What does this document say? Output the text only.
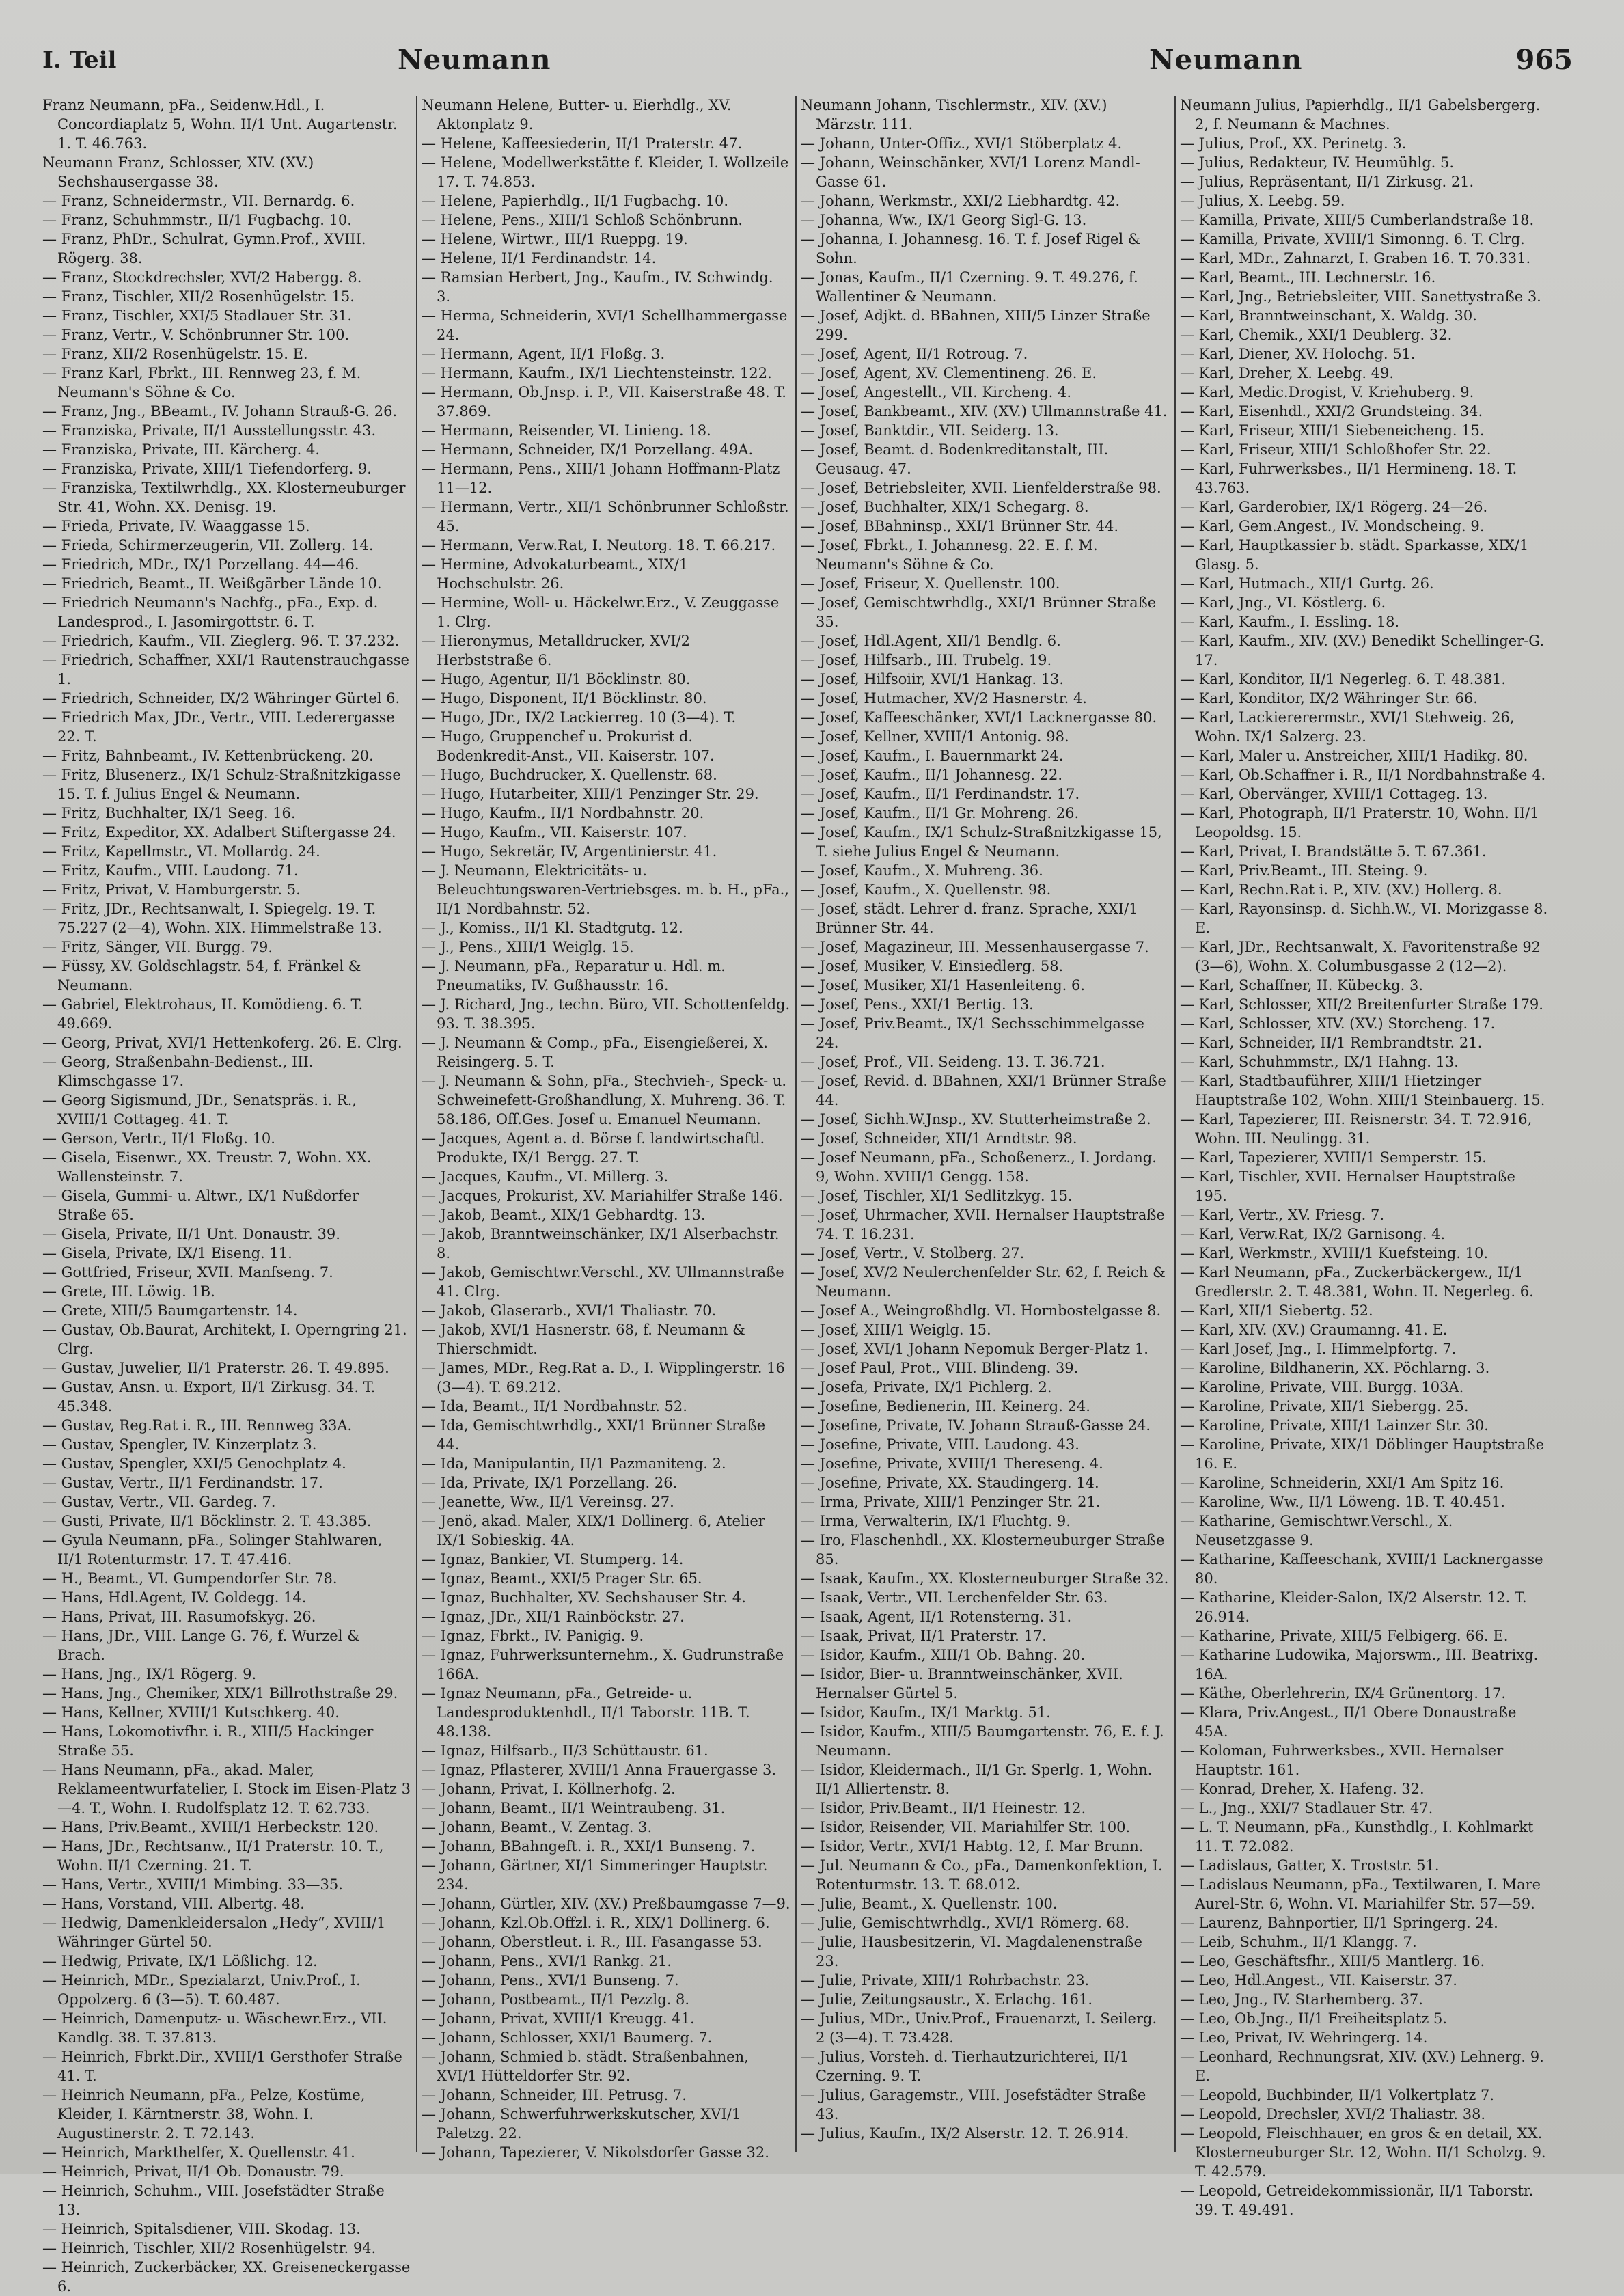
I. Teil	Neumann	Neumann	965

Franz Neumann, pFa., Seidenw.Hdl., I. Concordiaplatz 5, Wohn. II/1 Unt. Augartenstr. 1. T. 46.763.

Neumann Franz, Schlosser, XIV. (XV.) Sechshausergasse 38.

— Franz, Schneidermstr., VII. Bernardg. 6.

— Franz, Schuhmmstr., II/1 Fugbachg. 10.

— Franz, PhDr., Schulrat, Gymn.Prof., XVIII. Rögerg. 38.

— Franz, Stockdrechsler, XVI/2 Habergg. 8.

— Franz, Tischler, XII/2 Rosenhügelstr. 15.

— Franz, Tischler, XXI/5 Stadlauer Str. 31.

— Franz, Vertr., V. Schönbrunner Str. 100.

— Franz, XII/2 Rosenhügelstr. 15. E.

— Franz Karl, Fbrkt., III. Rennweg 23, f. M. Neumann's Söhne & Co.

— Franz, Jng., BBeamt., IV. Johann Strauß-G. 26.

— Franziska, Private, II/1 Ausstellungsstr. 43.

— Franziska, Private, III. Kärcherg. 4.

— Franziska, Private, XIII/1 Tiefendorferg. 9.

— Franziska, Textilwrhdlg., XX. Klosterneuburger Str. 41, Wohn. XX. Denisg. 19.

— Frieda, Private, IV. Waaggasse 15.

— Frieda, Schirmerzeugerin, VII. Zollerg. 14.

— Friedrich, MDr., IX/1 Porzellang. 44—46.

— Friedrich, Beamt., II. Weißgärber Lände 10.

— Friedrich Neumann's Nachfg., pFa., Exp. d. Landesprod., I. Jasomirgottstr. 6. T.

— Friedrich, Kaufm., VII. Zieglerg. 96. T. 37.232.

— Friedrich, Schaffner, XXI/1 Rautenstrauchgasse 1.

— Friedrich, Schneider, IX/2 Währinger Gürtel 6.

— Friedrich Max, JDr., Vertr., VIII. Lederergasse 22. T.

— Fritz, Bahnbeamt., IV. Kettenbrückeng. 20.

— Fritz, Blusenerz., IX/1 Schulz-Straßnitzkigasse 15. T. f. Julius Engel & Neumann.

— Fritz, Buchhalter, IX/1 Seeg. 16.

— Fritz, Expeditor, XX. Adalbert Stiftergasse 24.

— Fritz, Kapellmstr., VI. Mollardg. 24.

— Fritz, Kaufm., VIII. Laudong. 71.

— Fritz, Privat, V. Hamburgerstr. 5.

— Fritz, JDr., Rechtsanwalt, I. Spiegelg. 19. T. 75.227 (2—4), Wohn. XIX. Himmelstraße 13.

— Fritz, Sänger, VII. Burgg. 79.

— Füssy, XV. Goldschlagstr. 54, f. Fränkel & Neumann.

— Gabriel, Elektrohaus, II. Komödieng. 6. T. 49.669.

— Georg, Privat, XVI/1 Hettenkoferg. 26. E. Clrg.

— Georg, Straßenbahn-Bedienst., III. Klimschgasse 17.

— Georg Sigismund, JDr., Senatspräs. i. R., XVIII/1 Cottageg. 41. T.

— Gerson, Vertr., II/1 Floßg. 10.

— Gisela, Eisenwr., XX. Treustr. 7, Wohn. XX. Wallensteinstr. 7.

— Gisela, Gummi- u. Altwr., IX/1 Nußdorfer Straße 65.

— Gisela, Private, II/1 Unt. Donaustr. 39.

— Gisela, Private, IX/1 Eiseng. 11.

— Gottfried, Friseur, XVII. Manfseng. 7.

— Grete, III. Löwig. 1B.

— Grete, XIII/5 Baumgartenstr. 14.

— Gustav, Ob.Baurat, Architekt, I. Operngring 21. Clrg.

— Gustav, Juwelier, II/1 Praterstr. 26. T. 49.895.

— Gustav, Ansn. u. Export, II/1 Zirkusg. 34. T. 45.348.

— Gustav, Reg.Rat i. R., III. Rennweg 33A.

— Gustav, Spengler, IV. Kinzerplatz 3.

— Gustav, Spengler, XXI/5 Genochplatz 4.

— Gustav, Vertr., II/1 Ferdinandstr. 17.

— Gustav, Vertr., VII. Gardeg. 7.

— Gusti, Private, II/1 Böcklinstr. 2. T. 43.385.

— Gyula Neumann, pFa., Solinger Stahlwaren, II/1 Rotenturmstr. 17. T. 47.416.

— H., Beamt., VI. Gumpendorfer Str. 78.

— Hans, Hdl.Agent, IV. Goldegg. 14.

— Hans, Privat, III. Rasumofskyg. 26.

— Hans, JDr., VIII. Lange G. 76, f. Wurzel & Brach.

— Hans, Jng., IX/1 Rögerg. 9.

— Hans, Jng., Chemiker, XIX/1 Billrothstraße 29.

— Hans, Kellner, XVIII/1 Kutschkerg. 40.

— Hans, Lokomotivfhr. i. R., XIII/5 Hackinger Straße 55.

— Hans Neumann, pFa., akad. Maler, Reklameentwurfatelier, I. Stock im Eisen-Platz 3—4. T., Wohn. I. Rudolfsplatz 12. T. 62.733.

— Hans, Priv.Beamt., XVIII/1 Herbeckstr. 120.

— Hans, JDr., Rechtsanw., II/1 Praterstr. 10. T., Wohn. II/1 Czerning. 21. T.

— Hans, Vertr., XVIII/1 Mimbing. 33—35.

— Hans, Vorstand, VIII. Albertg. 48.

— Hedwig, Damenkleidersalon „Hedy“, XVIII/1 Währinger Gürtel 50.

— Hedwig, Private, IX/1 Lößlichg. 12.

— Heinrich, MDr., Spezialarzt, Univ.Prof., I. Oppolzerg. 6 (3—5). T. 60.487.

— Heinrich, Damenputz- u. Wäschewr.Erz., VII. Kandlg. 38. T. 37.813.

— Heinrich, Fbrkt.Dir., XVIII/1 Gersthofer Straße 41. T.

— Heinrich Neumann, pFa., Pelze, Kostüme, Kleider, I. Kärntnerstr. 38, Wohn. I. Augustinerstr. 2. T. 72.143.

— Heinrich, Markthelfer, X. Quellenstr. 41.

— Heinrich, Privat, II/1 Ob. Donaustr. 79.

— Heinrich, Schuhm., VIII. Josefstädter Straße 13.

— Heinrich, Spitalsdiener, VIII. Skodag. 13.

— Heinrich, Tischler, XII/2 Rosenhügelstr. 94.

— Heinrich, Zuckerbäcker, XX. Greiseneckergasse 6.

Neumann Helene, Butter- u. Eierhdlg., XV. Aktonplatz 9.

— Helene, Kaffeesiederin, II/1 Praterstr. 47.

— Helene, Modellwerkstätte f. Kleider, I. Wollzeile 17. T. 74.853.

— Helene, Papierhdlg., II/1 Fugbachg. 10.

— Helene, Pens., XIII/1 Schloß Schönbrunn.

— Helene, Wirtwr., III/1 Rueppg. 19.

— Helene, II/1 Ferdinandstr. 14.

— Ramsian Herbert, Jng., Kaufm., IV. Schwindg. 3.

— Herma, Schneiderin, XVI/1 Schellhammergasse 24.

— Hermann, Agent, II/1 Floßg. 3.

— Hermann, Kaufm., IX/1 Liechtensteinstr. 122.

— Hermann, Ob.Jnsp. i. P., VII. Kaiserstraße 48. T. 37.869.

— Hermann, Reisender, VI. Linieng. 18.

— Hermann, Schneider, IX/1 Porzellang. 49A.

— Hermann, Pens., XIII/1 Johann Hoffmann-Platz 11—12.

— Hermann, Vertr., XII/1 Schönbrunner Schloßstr. 45.

— Hermann, Verw.Rat, I. Neutorg. 18. T. 66.217.

— Hermine, Advokaturbeamt., XIX/1 Hochschulstr. 26.

— Hermine, Woll- u. Häckelwr.Erz., V. Zeuggasse 1. Clrg.

— Hieronymus, Metalldrucker, XVI/2 Herbststraße 6.

— Hugo, Agentur, II/1 Böcklinstr. 80.

— Hugo, Disponent, II/1 Böcklinstr. 80.

— Hugo, JDr., IX/2 Lackierreg. 10 (3—4). T.

— Hugo, Gruppenchef u. Prokurist d. Bodenkredit-Anst., VII. Kaiserstr. 107.

— Hugo, Buchdrucker, X. Quellenstr. 68.

— Hugo, Hutarbeiter, XIII/1 Penzinger Str. 29.

— Hugo, Kaufm., II/1 Nordbahnstr. 20.

— Hugo, Kaufm., VII. Kaiserstr. 107.

— Hugo, Sekretär, IV, Argentinierstr. 41.

— J. Neumann, Elektricitäts- u. Beleuchtungswaren-Vertriebsges. m. b. H., pFa., II/1 Nordbahnstr. 52.

— J., Komiss., II/1 Kl. Stadtgutg. 12.

— J., Pens., XIII/1 Weiglg. 15.

— J. Neumann, pFa., Reparatur u. Hdl. m. Pneumatiks, IV. Gußhausstr. 16.

— J. Richard, Jng., techn. Büro, VII. Schottenfeldg. 93. T. 38.395.

— J. Neumann & Comp., pFa., Eisengießerei, X. Reisingerg. 5. T.

— J. Neumann & Sohn, pFa., Stechvieh-, Speck- u. Schweinefett-Großhandlung, X. Muhreng. 36. T. 58.186, Off.Ges. Josef u. Emanuel Neumann.

— Jacques, Agent a. d. Börse f. landwirtschaftl. Produkte, IX/1 Bergg. 27. T.

— Jacques, Kaufm., VI. Millerg. 3.

— Jacques, Prokurist, XV. Mariahilfer Straße 146.

— Jakob, Beamt., XIX/1 Gebhardtg. 13.

— Jakob, Branntweinschänker, IX/1 Alserbachstr. 8.

— Jakob, Gemischtwr.Verschl., XV. Ullmannstraße 41. Clrg.

— Jakob, Glaserarb., XVI/1 Thaliastr. 70.

— Jakob, XVI/1 Hasnerstr. 68, f. Neumann & Thierschmidt.

— James, MDr., Reg.Rat a. D., I. Wipplingerstr. 16 (3—4). T. 69.212.

— Ida, Beamt., II/1 Nordbahnstr. 52.

— Ida, Gemischtwrhdlg., XXI/1 Brünner Straße 44.

— Ida, Manipulantin, II/1 Pazmaniteng. 2.

— Ida, Private, IX/1 Porzellang. 26.

— Jeanette, Ww., II/1 Vereinsg. 27.

— Jenö, akad. Maler, XIX/1 Dollinerg. 6, Atelier IX/1 Sobieskig. 4A.

— Ignaz, Bankier, VI. Stumperg. 14.

— Ignaz, Beamt., XXI/5 Prager Str. 65.

— Ignaz, Buchhalter, XV. Sechshauser Str. 4.

— Ignaz, JDr., XII/1 Rainböckstr. 27.

— Ignaz, Fbrkt., IV. Panigig. 9.

— Ignaz, Fuhrwerksunternehm., X. Gudrunstraße 166A.

— Ignaz Neumann, pFa., Getreide- u. Landesproduktenhdl., II/1 Taborstr. 11B. T. 48.138.

— Ignaz, Hilfsarb., II/3 Schüttaustr. 61.

— Ignaz, Pflasterer, XVIII/1 Anna Frauergasse 3.

— Johann, Privat, I. Köllnerhofg. 2.

— Johann, Beamt., II/1 Weintraubeng. 31.

— Johann, Beamt., V. Zentag. 3.

— Johann, BBahngeft. i. R., XXI/1 Bunseng. 7.

— Johann, Gärtner, XI/1 Simmeringer Hauptstr. 234.

— Johann, Gürtler, XIV. (XV.) Preßbaumgasse 7—9.

— Johann, Kzl.Ob.Offzl. i. R., XIX/1 Dollinerg. 6.

— Johann, Oberstleut. i. R., III. Fasangasse 53.

— Johann, Pens., XVI/1 Rankg. 21.

— Johann, Pens., XVI/1 Bunseng. 7.

— Johann, Postbeamt., II/1 Pezzlg. 8.

— Johann, Privat, XVIII/1 Kreugg. 41.

— Johann, Schlosser, XXI/1 Baumerg. 7.

— Johann, Schmied b. städt. Straßenbahnen, XVI/1 Hütteldorfer Str. 92.

— Johann, Schneider, III. Petrusg. 7.

— Johann, Schwerfuhrwerkskutscher, XVI/1 Paletzg. 22.

— Johann, Tapezierer, V. Nikolsdorfer Gasse 32.

Neumann Johann, Tischlermstr., XIV. (XV.) Märzstr. 111.

— Johann, Unter-Offiz., XVI/1 Stöberplatz 4.

— Johann, Weinschänker, XVI/1 Lorenz Mandl-Gasse 61.

— Johann, Werkmstr., XXI/2 Liebhardtg. 42.

— Johanna, Ww., IX/1 Georg Sigl-G. 13.

— Johanna, I. Johannesg. 16. T. f. Josef Rigel & Sohn.

— Jonas, Kaufm., II/1 Czerning. 9. T. 49.276, f. Wallentiner & Neumann.

— Josef, Adjkt. d. BBahnen, XIII/5 Linzer Straße 299.

— Josef, Agent, II/1 Rotroug. 7.

— Josef, Agent, XV. Clementineng. 26. E.

— Josef, Angestellt., VII. Kircheng. 4.

— Josef, Bankbeamt., XIV. (XV.) Ullmannstraße 41.

— Josef, Banktdir., VII. Seiderg. 13.

— Josef, Beamt. d. Bodenkreditanstalt, III. Geusaug. 47.

— Josef, Betriebsleiter, XVII. Lienfelderstraße 98.

— Josef, Buchhalter, XIX/1 Schegarg. 8.

— Josef, BBahninsp., XXI/1 Brünner Str. 44.

— Josef, Fbrkt., I. Johannesg. 22. E. f. M. Neumann's Söhne & Co.

— Josef, Friseur, X. Quellenstr. 100.

— Josef, Gemischtwrhdlg., XXI/1 Brünner Straße 35.

— Josef, Hdl.Agent, XII/1 Bendlg. 6.

— Josef, Hilfsarb., III. Trubelg. 19.

— Josef, Hilfsoiir, XVI/1 Hankag. 13.

— Josef, Hutmacher, XV/2 Hasnerstr. 4.

— Josef, Kaffeeschänker, XVI/1 Lacknergasse 80.

— Josef, Kellner, XVIII/1 Antonig. 98.

— Josef, Kaufm., I. Bauernmarkt 24.

— Josef, Kaufm., II/1 Johannesg. 22.

— Josef, Kaufm., II/1 Ferdinandstr. 17.

— Josef, Kaufm., II/1 Gr. Mohreng. 26.

— Josef, Kaufm., IX/1 Schulz-Straßnitzkigasse 15, T. siehe Julius Engel & Neumann.

— Josef, Kaufm., X. Muhreng. 36.

— Josef, Kaufm., X. Quellenstr. 98.

— Josef, städt. Lehrer d. franz. Sprache, XXI/1 Brünner Str. 44.

— Josef, Magazineur, III. Messenhausergasse 7.

— Josef, Musiker, V. Einsiedlerg. 58.

— Josef, Musiker, XI/1 Hasenleiteng. 6.

— Josef, Pens., XXI/1 Bertig. 13.

— Josef, Priv.Beamt., IX/1 Sechsschimmelgasse 24.

— Josef, Prof., VII. Seideng. 13. T. 36.721.

— Josef, Revid. d. BBahnen, XXI/1 Brünner Straße 44.

— Josef, Sichh.W.Jnsp., XV. Stutterheimstraße 2.

— Josef, Schneider, XII/1 Arndtstr. 98.

— Josef Neumann, pFa., Schoßenerz., I. Jordang. 9, Wohn. XVIII/1 Gengg. 158.

— Josef, Tischler, XI/1 Sedlitzkyg. 15.

— Josef, Uhrmacher, XVII. Hernalser Hauptstraße 74. T. 16.231.

— Josef, Vertr., V. Stolberg. 27.

— Josef, XV/2 Neulerchenfelder Str. 62, f. Reich & Neumann.

— Josef A., Weingroßhdlg. VI. Hornbostelgasse 8.

— Josef, XIII/1 Weiglg. 15.

— Josef, XVI/1 Johann Nepomuk Berger-Platz 1.

— Josef Paul, Prot., VIII. Blindeng. 39.

— Josefa, Private, IX/1 Pichlerg. 2.

— Josefine, Bedienerin, III. Keinerg. 24.

— Josefine, Private, IV. Johann Strauß-Gasse 24.

— Josefine, Private, VIII. Laudong. 43.

— Josefine, Private, XVIII/1 Thereseng. 4.

— Josefine, Private, XX. Staudingerg. 14.

— Irma, Private, XIII/1 Penzinger Str. 21.

— Irma, Verwalterin, IX/1 Fluchtg. 9.

— Iro, Flaschenhdl., XX. Klosterneuburger Straße 85.

— Isaak, Kaufm., XX. Klosterneuburger Straße 32.

— Isaak, Vertr., VII. Lerchenfelder Str. 63.

— Isaak, Agent, II/1 Rotensterng. 31.

— Isaak, Privat, II/1 Praterstr. 17.

— Isidor, Kaufm., XIII/1 Ob. Bahng. 20.

— Isidor, Bier- u. Branntweinschänker, XVII. Hernalser Gürtel 5.

— Isidor, Kaufm., IX/1 Marktg. 51.

— Isidor, Kaufm., XIII/5 Baumgartenstr. 76, E. f. J. Neumann.

— Isidor, Kleidermach., II/1 Gr. Sperlg. 1, Wohn. II/1 Alliertenstr. 8.

— Isidor, Priv.Beamt., II/1 Heinestr. 12.

— Isidor, Reisender, VII. Mariahilfer Str. 100.

— Isidor, Vertr., XVI/1 Habtg. 12, f. Mar Brunn.

— Jul. Neumann & Co., pFa., Damenkonfektion, I. Rotenturmstr. 13. T. 68.012.

— Julie, Beamt., X. Quellenstr. 100.

— Julie, Gemischtwrhdlg., XVI/1 Römerg. 68.

— Julie, Hausbesitzerin, VI. Magdalenenstraße 23.

— Julie, Private, XIII/1 Rohrbachstr. 23.

— Julie, Zeitungsaustr., X. Erlachg. 161.

— Julius, MDr., Univ.Prof., Frauenarzt, I. Seilerg. 2 (3—4). T. 73.428.

— Julius, Vorsteh. d. Tierhautzurichterei, II/1 Czerning. 9. T.

— Julius, Garagemstr., VIII. Josefstädter Straße 43.

— Julius, Kaufm., IX/2 Alserstr. 12. T. 26.914.

Neumann Julius, Papierhdlg., II/1 Gabelsbergerg. 2, f. Neumann & Machnes.

— Julius, Prof., XX. Perinetg. 3.

— Julius, Redakteur, IV. Heumühlg. 5.

— Julius, Repräsentant, II/1 Zirkusg. 21.

— Julius, X. Leebg. 59.

— Kamilla, Private, XIII/5 Cumberlandstraße 18.

— Kamilla, Private, XVIII/1 Simonng. 6. T. Clrg.

— Karl, MDr., Zahnarzt, I. Graben 16. T. 70.331.

— Karl, Beamt., III. Lechnerstr. 16.

— Karl, Jng., Betriebsleiter, VIII. Sanettystraße 3.

— Karl, Branntweinschant, X. Waldg. 30.

— Karl, Chemik., XXI/1 Deublerg. 32.

— Karl, Diener, XV. Holochg. 51.

— Karl, Dreher, X. Leebg. 49.

— Karl, Medic.Drogist, V. Kriehuberg. 9.

— Karl, Eisenhdl., XXI/2 Grundsteing. 34.

— Karl, Friseur, XIII/1 Siebeneicheng. 15.

— Karl, Friseur, XIII/1 Schloßhofer Str. 22.

— Karl, Fuhrwerksbes., II/1 Hermineng. 18. T. 43.763.

— Karl, Garderobier, IX/1 Rögerg. 24—26.

— Karl, Gem.Angest., IV. Mondscheing. 9.

— Karl, Hauptkassier b. städt. Sparkasse, XIX/1 Glasg. 5.

— Karl, Hutmach., XII/1 Gurtg. 26.

— Karl, Jng., VI. Köstlerg. 6.

— Karl, Kaufm., I. Essling. 18.

— Karl, Kaufm., XIV. (XV.) Benedikt Schellinger-G. 17.

— Karl, Konditor, II/1 Negerleg. 6. T. 48.381.

— Karl, Konditor, IX/2 Währinger Str. 66.

— Karl, Lackiererermstr., XVI/1 Stehweig. 26, Wohn. IX/1 Salzerg. 23.

— Karl, Maler u. Anstreicher, XIII/1 Hadikg. 80.

— Karl, Ob.Schaffner i. R., II/1 Nordbahnstraße 4.

— Karl, Obervänger, XVIII/1 Cottageg. 13.

— Karl, Photograph, II/1 Praterstr. 10, Wohn. II/1 Leopoldsg. 15.

— Karl, Privat, I. Brandstätte 5. T. 67.361.

— Karl, Priv.Beamt., III. Steing. 9.

— Karl, Rechn.Rat i. P., XIV. (XV.) Hollerg. 8.

— Karl, Rayonsinsp. d. Sichh.W., VI. Morizgasse 8. E.

— Karl, JDr., Rechtsanwalt, X. Favoritenstraße 92 (3—6), Wohn. X. Columbusgasse 2 (12—2).

— Karl, Schaffner, II. Kübeckg. 3.

— Karl, Schlosser, XII/2 Breitenfurter Straße 179.

— Karl, Schlosser, XIV. (XV.) Storcheng. 17.

— Karl, Schneider, II/1 Rembrandtstr. 21.

— Karl, Schuhmmstr., IX/1 Hahng. 13.

— Karl, Stadtbauführer, XIII/1 Hietzinger Hauptstraße 102, Wohn. XIII/1 Steinbauerg. 15.

— Karl, Tapezierer, III. Reisnerstr. 34. T. 72.916, Wohn. III. Neulingg. 31.

— Karl, Tapezierer, XVIII/1 Semperstr. 15.

— Karl, Tischler, XVII. Hernalser Hauptstraße 195.

— Karl, Vertr., XV. Friesg. 7.

— Karl, Verw.Rat, IX/2 Garnisong. 4.

— Karl, Werkmstr., XVIII/1 Kuefsteing. 10.

— Karl Neumann, pFa., Zuckerbäckergew., II/1 Gredlerstr. 2. T. 48.381, Wohn. II. Negerleg. 6.

— Karl, XII/1 Siebertg. 52.

— Karl, XIV. (XV.) Graumanng. 41. E.

— Karl Josef, Jng., I. Himmelpfortg. 7.

— Karoline, Bildhanerin, XX. Pöchlarng. 3.

— Karoline, Private, VIII. Burgg. 103A.

— Karoline, Private, XII/1 Siebergg. 25.

— Karoline, Private, XIII/1 Lainzer Str. 30.

— Karoline, Private, XIX/1 Döblinger Hauptstraße 16. E.

— Karoline, Schneiderin, XXI/1 Am Spitz 16.

— Karoline, Ww., II/1 Löweng. 1B. T. 40.451.

— Katharine, Gemischtwr.Verschl., X. Neusetzgasse 9.

— Katharine, Kaffeeschank, XVIII/1 Lacknergasse 80.

— Katharine, Kleider-Salon, IX/2 Alserstr. 12. T. 26.914.

— Katharine, Private, XIII/5 Felbigerg. 66. E.

— Katharine Ludowika, Majorswm., III. Beatrixg. 16A.

— Käthe, Oberlehrerin, IX/4 Grünentorg. 17.

— Klara, Priv.Angest., II/1 Obere Donaustraße 45A.

— Koloman, Fuhrwerksbes., XVII. Hernalser Hauptstr. 161.

— Konrad, Dreher, X. Hafeng. 32.

— L., Jng., XXI/7 Stadlauer Str. 47.

— L. T. Neumann, pFa., Kunsthdlg., I. Kohlmarkt 11. T. 72.082.

— Ladislaus, Gatter, X. Troststr. 51.

— Ladislaus Neumann, pFa., Textilwaren, I. Mare Aurel-Str. 6, Wohn. VI. Mariahilfer Str. 57—59.

— Laurenz, Bahnportier, II/1 Springerg. 24.

— Leib, Schuhm., II/1 Klangg. 7.

— Leo, Geschäftsfhr., XIII/5 Mantlerg. 16.

— Leo, Hdl.Angest., VII. Kaiserstr. 37.

— Leo, Jng., IV. Starhemberg. 37.

— Leo, Ob.Jng., II/1 Freiheitsplatz 5.

— Leo, Privat, IV. Wehringerg. 14.

— Leonhard, Rechnungsrat, XIV. (XV.) Lehnerg. 9. E.

— Leopold, Buchbinder, II/1 Volkertplatz 7.

— Leopold, Drechsler, XVI/2 Thaliastr. 38.

— Leopold, Fleischhauer, en gros & en detail, XX. Klosterneuburger Str. 12, Wohn. II/1 Scholzg. 9. T. 42.579.

— Leopold, Getreidekommissionär, II/1 Taborstr. 39. T. 49.491.
